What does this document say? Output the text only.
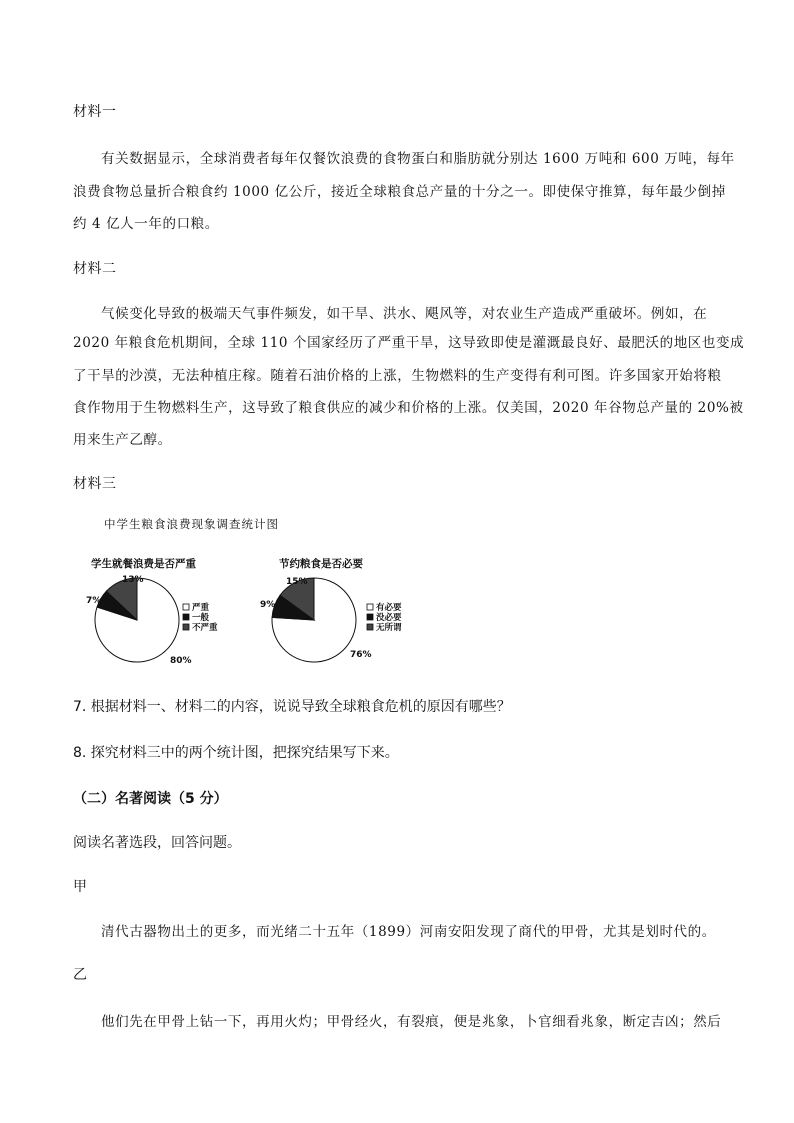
材料一
有关数据显示，全球消费者每年仅餐饮浪费的食物蛋白和脂肪就分别达 1600 万吨和 600 万吨，每年
浪费食物总量折合粮食约 1000 亿公斤，接近全球粮食总产量的十分之一。即使保守推算，每年最少倒掉
约 4 亿人一年的口粮。
材料二
气候变化导致的极端天气事件频发，如干旱、洪水、飓风等，对农业生产造成严重破坏。例如，在
2020 年粮食危机期间，全球 110 个国家经历了严重干旱，这导致即使是灌溉最良好、最肥沃的地区也变成
了干旱的沙漠，无法种植庄稼。随着石油价格的上涨，生物燃料的生产变得有利可图。许多国家开始将粮
食作物用于生物燃料生产，这导致了粮食供应的减少和价格的上涨。仅美国，2020 年谷物总产量的 20%被
用来生产乙醇。
材料三
中学生粮食浪费现象调查统计图
学生就餐浪费是否严重	节约粮食是否必要
80%
7%
13%
严重
一般
不严重
76%
9%
15%
有必要
没必要
无所谓
7. 根据材料一、材料二的内容，说说导致全球粮食危机的原因有哪些？
8. 探究材料三中的两个统计图，把探究结果写下来。
（二）名著阅读（5 分）
阅读名著选段，回答问题。
甲
清代古器物出土的更多，而光绪二十五年（1899）河南安阳发现了商代的甲骨，尤其是划时代的。
乙
他们先在甲骨上钻一下，再用火灼；甲骨经火，有裂痕，便是兆象，卜官细看兆象，断定吉凶；然后
